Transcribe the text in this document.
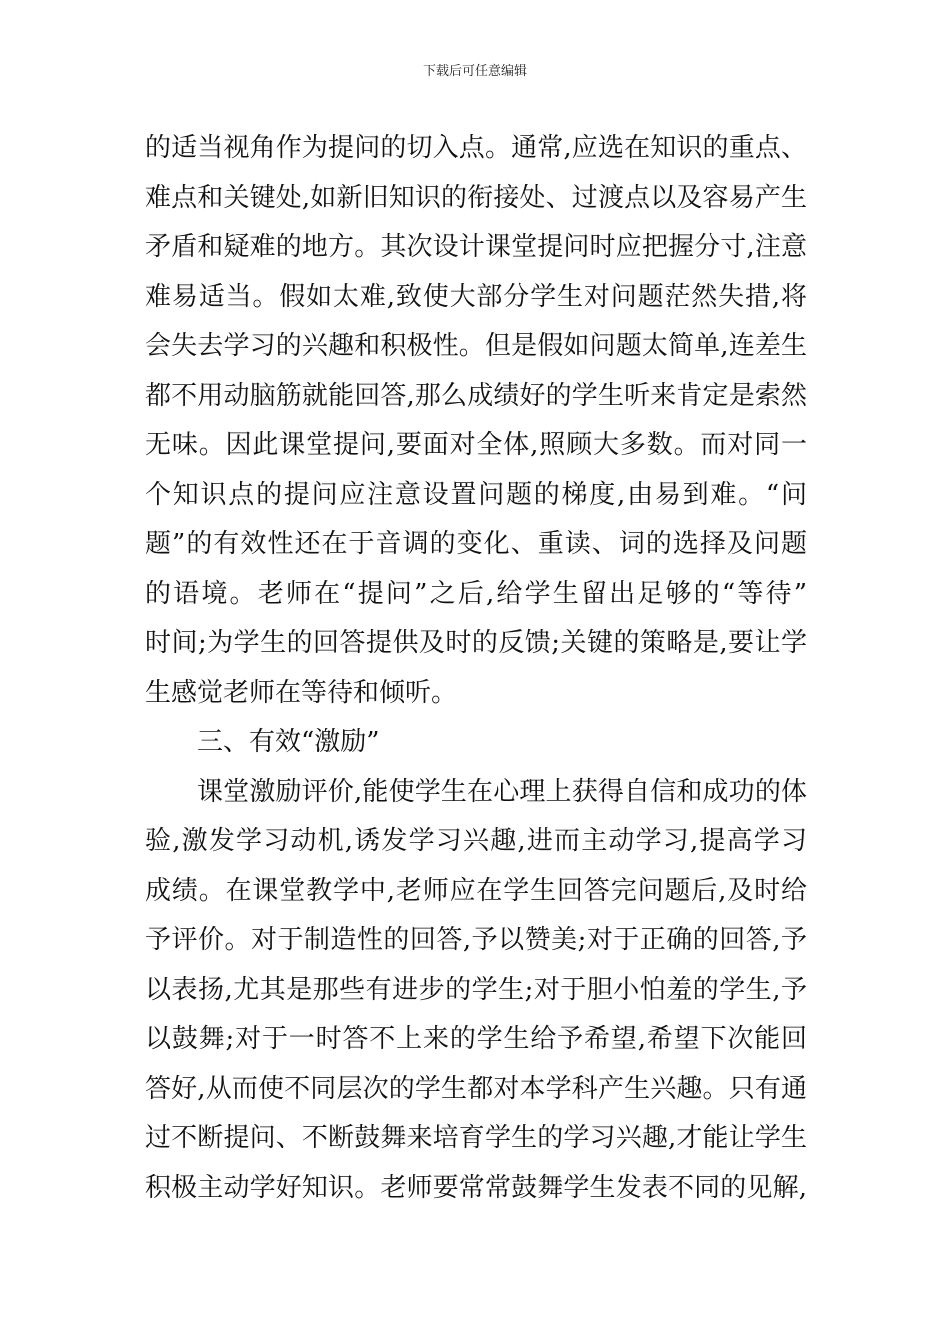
下载后可任意编辑
的适当视角作为提问的切入点。通常,应选在知识的重点、
难点和关键处,如新旧知识的衔接处、过渡点以及容易产生
矛盾和疑难的地方。其次设计课堂提问时应把握分寸,注意
难易适当。假如太难,致使大部分学生对问题茫然失措,将
会失去学习的兴趣和积极性。但是假如问题太简单,连差生
都不用动脑筋就能回答,那么成绩好的学生听来肯定是索然
无味。因此课堂提问,要面对全体,照顾大多数。而对同一
个知识点的提问应注意设置问题的梯度,由易到难。“问
题”的有效性还在于音调的变化、重读、词的选择及问题
的语境。老师在“提问”之后,给学生留出足够的“等待”
时间;为学生的回答提供及时的反馈;关键的策略是,要让学
生感觉老师在等待和倾听。
三、有效“激励”
课堂激励评价,能使学生在心理上获得自信和成功的体
验,激发学习动机,诱发学习兴趣,进而主动学习,提高学习
成绩。在课堂教学中,老师应在学生回答完问题后,及时给
予评价。对于制造性的回答,予以赞美;对于正确的回答,予
以表扬,尤其是那些有进步的学生;对于胆小怕羞的学生,予
以鼓舞;对于一时答不上来的学生给予希望,希望下次能回
答好,从而使不同层次的学生都对本学科产生兴趣。只有通
过不断提问、不断鼓舞来培育学生的学习兴趣,才能让学生
积极主动学好知识。老师要常常鼓舞学生发表不同的见解,
